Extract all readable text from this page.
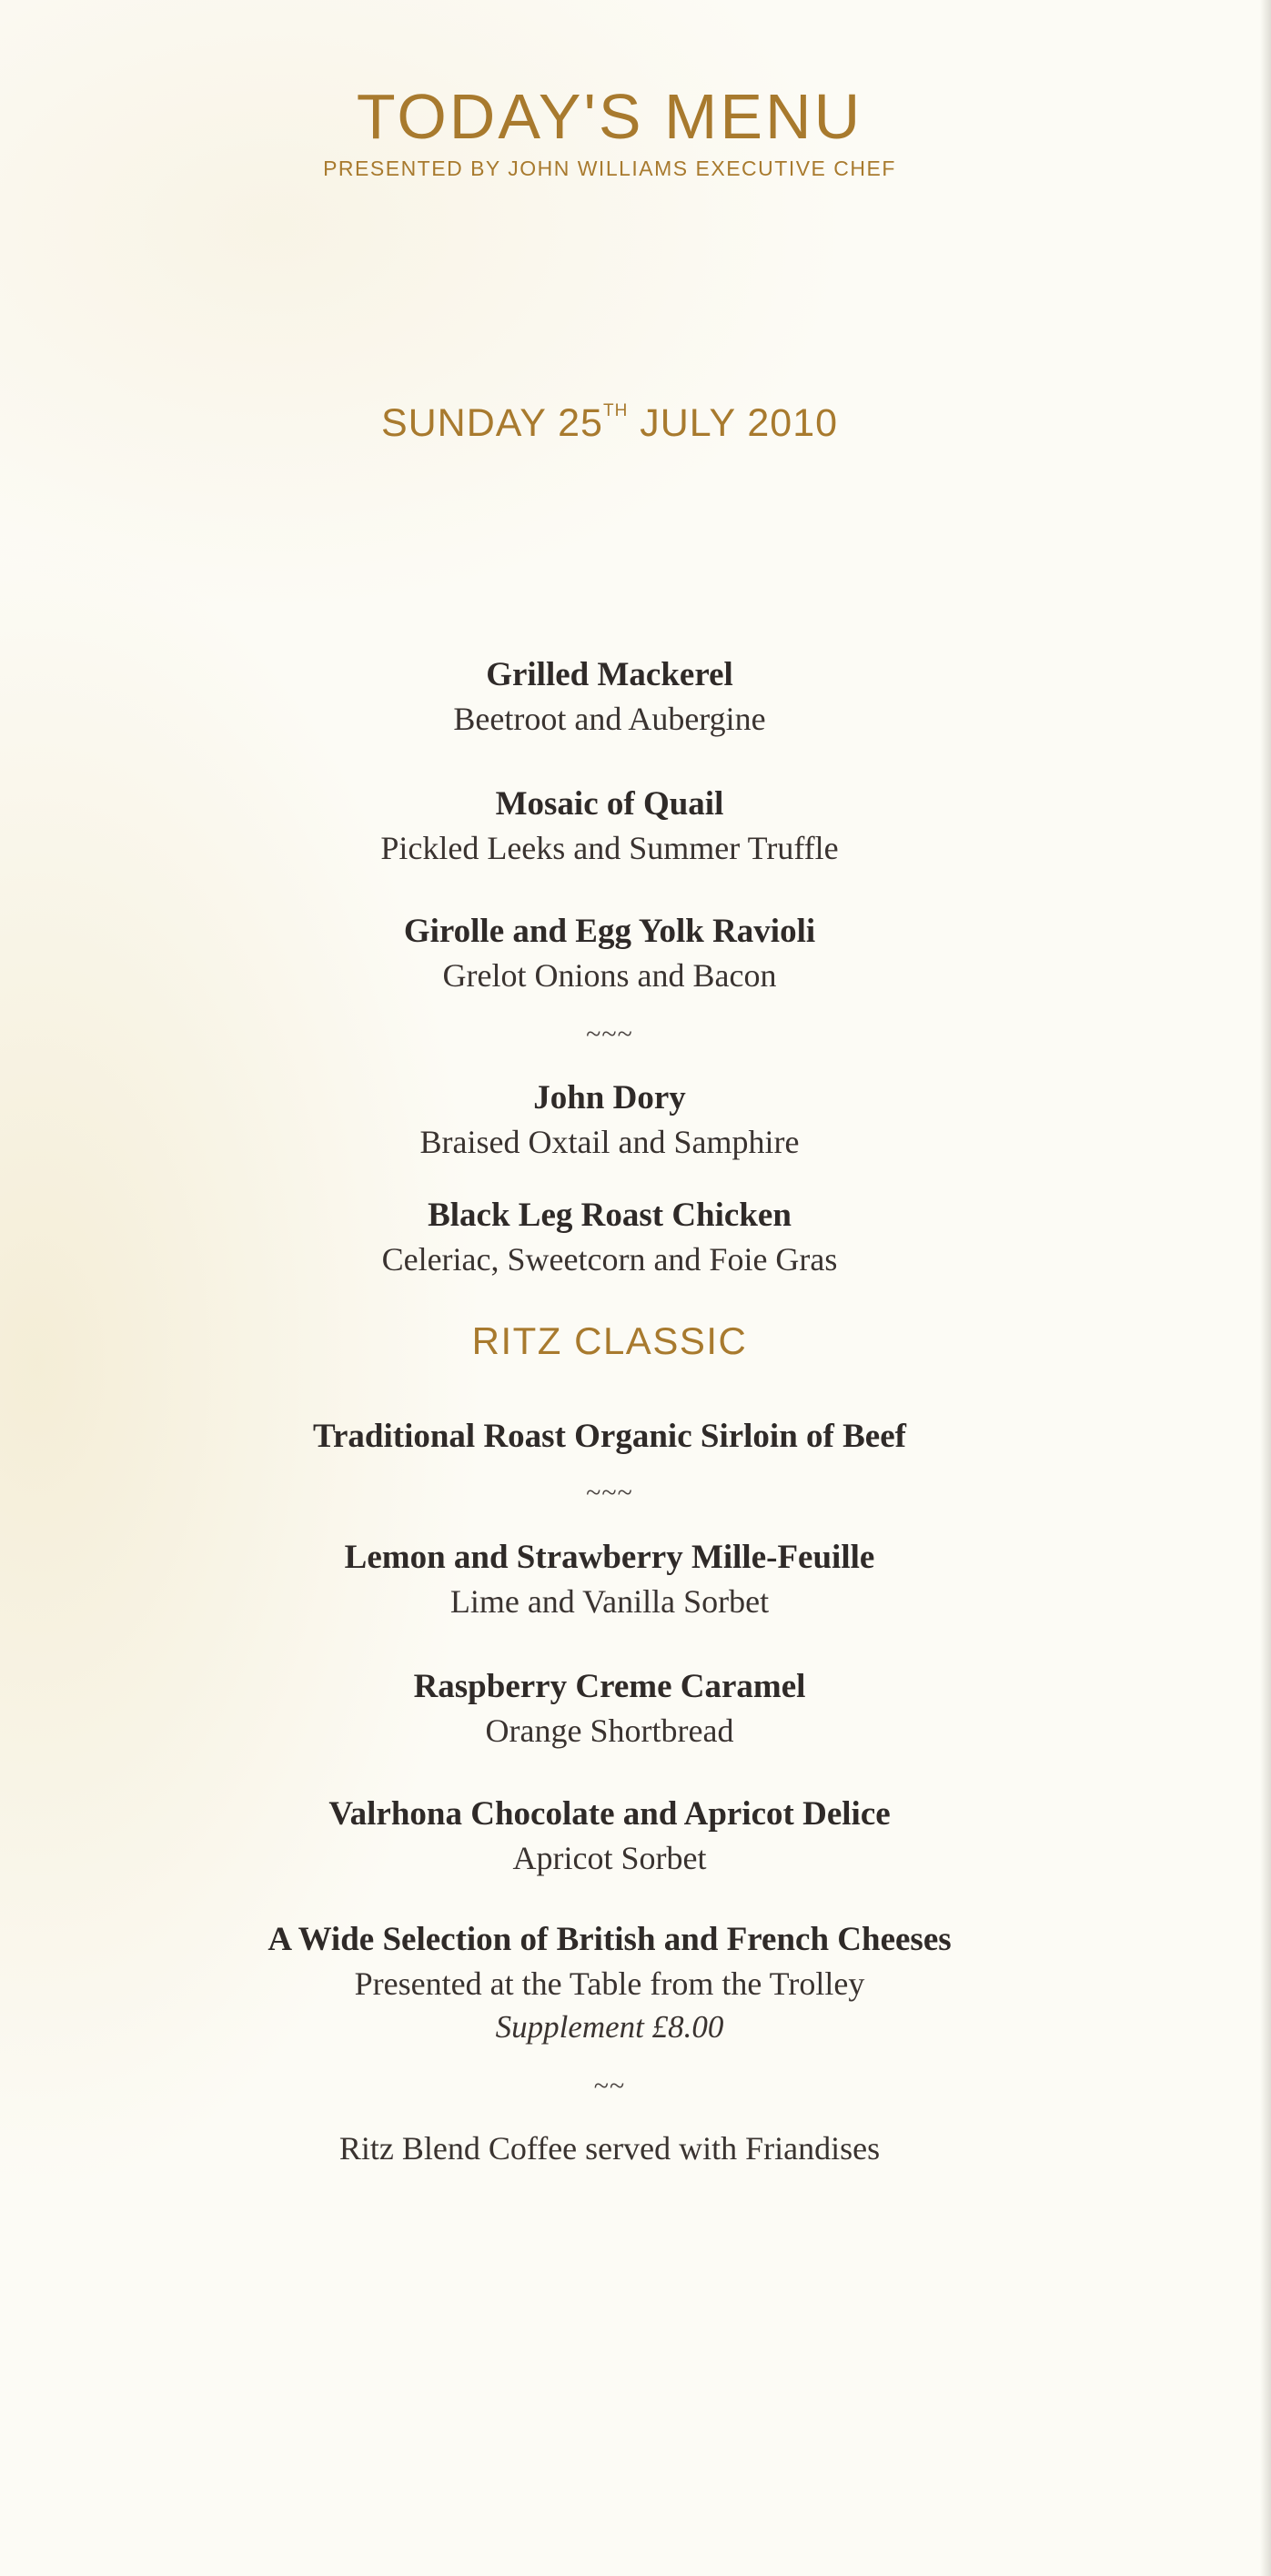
TODAY'S MENU
PRESENTED BY JOHN WILLIAMS EXECUTIVE CHEF
SUNDAY 25TH JULY 2010
Grilled Mackerel
Beetroot and Aubergine
Mosaic of Quail
Pickled Leeks and Summer Truffle
Girolle and Egg Yolk Ravioli
Grelot Onions and Bacon
~~~
John Dory
Braised Oxtail and Samphire
Black Leg Roast Chicken
Celeriac, Sweetcorn and Foie Gras
RITZ CLASSIC
Traditional Roast Organic Sirloin of Beef
~~~
Lemon and Strawberry Mille-Feuille
Lime and Vanilla Sorbet
Raspberry Creme Caramel
Orange Shortbread
Valrhona Chocolate and Apricot Delice
Apricot Sorbet
A Wide Selection of British and French Cheeses
Presented at the Table from the Trolley
Supplement £8.00
~~
Ritz Blend Coffee served with Friandises
